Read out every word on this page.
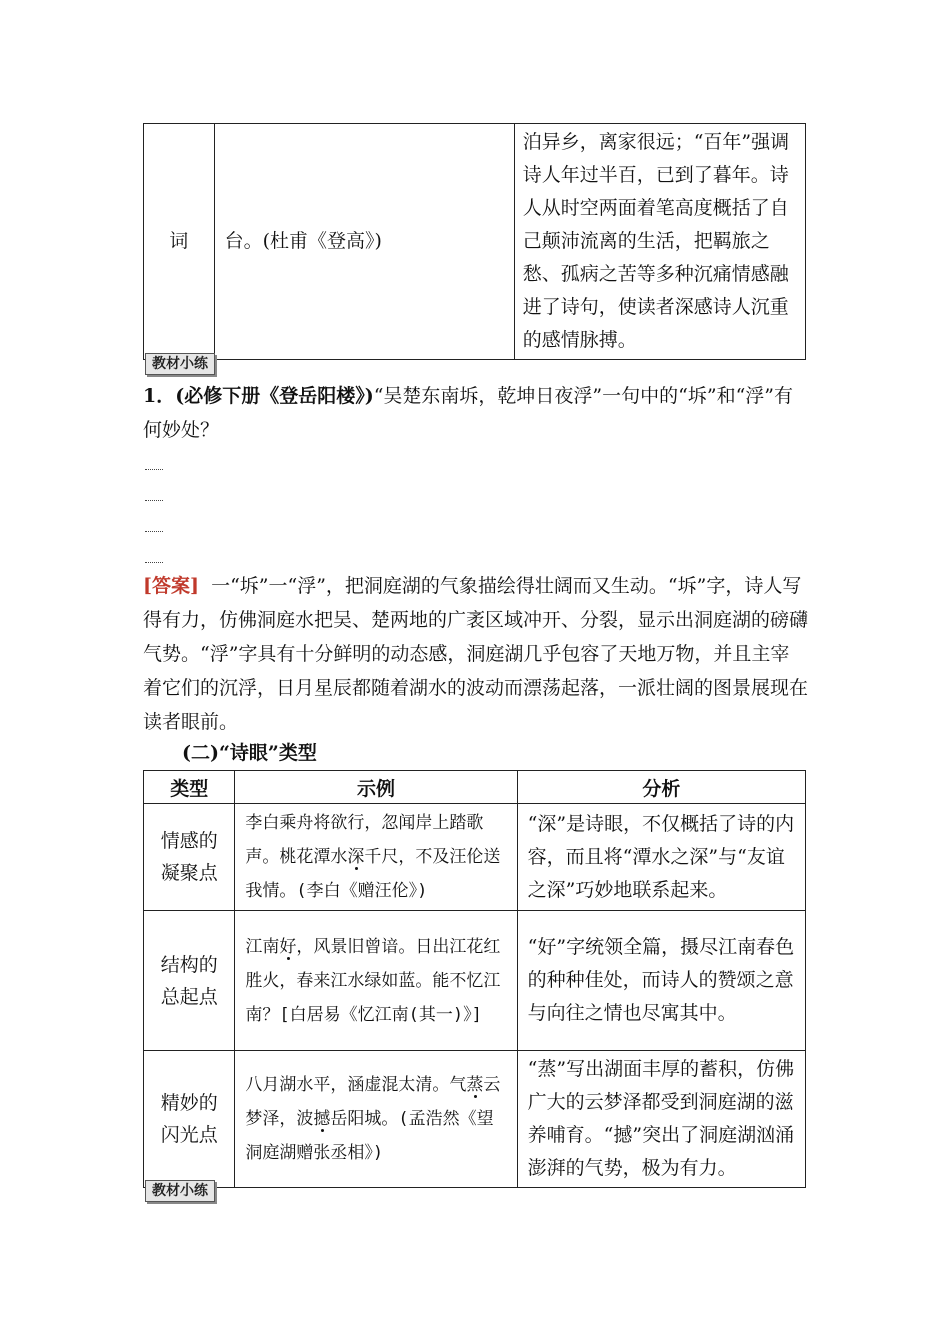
词	台。(杜甫《登高》)	泊异乡，离家很远；“百年”强调诗人年过半百，已到了暮年。诗人从时空两面着笔高度概括了自己颠沛流离的生活，把羁旅之愁、孤病之苦等多种沉痛情感融进了诗句，使读者深感诗人沉重的感情脉搏。
教材小练
1．(必修下册《登岳阳楼》)“吴楚东南坼，乾坤日夜浮”一句中的“坼”和“浮”有何妙处？
[答案] 一“坼”一“浮”，把洞庭湖的气象描绘得壮阔而又生动。“坼”字，诗人写得有力，仿佛洞庭水把吴、楚两地的广袤区域冲开、分裂，显示出洞庭湖的磅礴气势。“浮”字具有十分鲜明的动态感，洞庭湖几乎包容了天地万物，并且主宰着它们的沉浮，日月星辰都随着湖水的波动而漂荡起落，一派壮阔的图景展现在读者眼前。
(二)“诗眼”类型
类型	示例	分析
情感的
凝聚点	李白乘舟将欲行，忽闻岸上踏歌声。桃花潭水深千尺，不及汪伦送我情。(李白《赠汪伦》)	“深”是诗眼，不仅概括了诗的内容，而且将“潭水之深”与“友谊之深”巧妙地联系起来。
结构的
总起点	江南好，风景旧曾谙。日出江花红胜火，春来江水绿如蓝。能不忆江南？[白居易《忆江南(其一)》]	“好”字统领全篇，摄尽江南春色的种种佳处，而诗人的赞颂之意与向往之情也尽寓其中。
精妙的
闪光点	八月湖水平，涵虚混太清。气蒸云梦泽，波撼岳阳城。(孟浩然《望洞庭湖赠张丞相》)	“蒸”写出湖面丰厚的蓄积，仿佛广大的云梦泽都受到洞庭湖的滋养哺育。“撼”突出了洞庭湖汹涌澎湃的气势，极为有力。
教材小练
